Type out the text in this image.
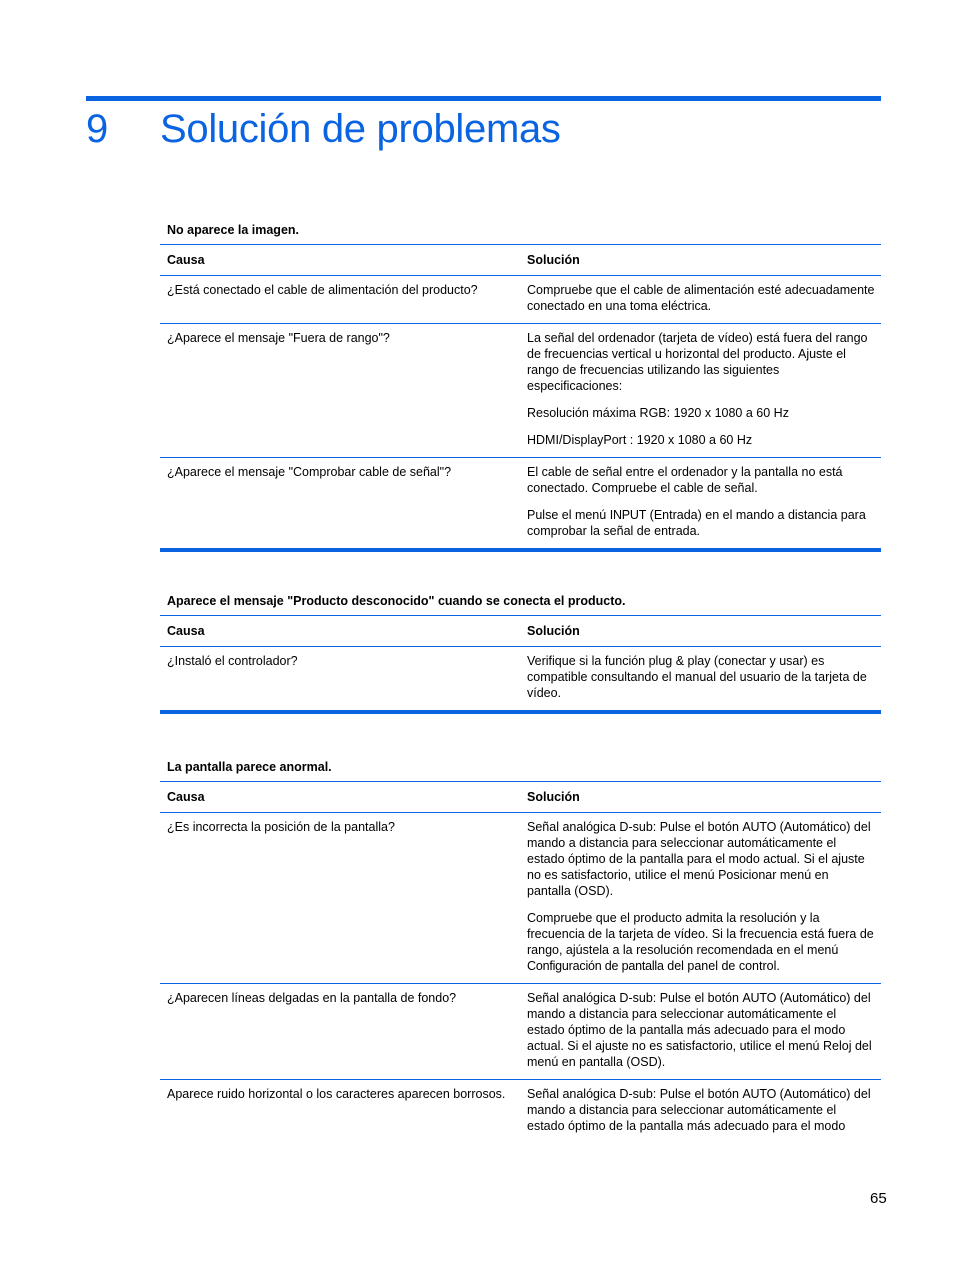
9 Solución de problemas
No aparece la imagen.
Causa	Solución
¿Está conectado el cable de alimentación del producto?	Compruebe que el cable de alimentación esté adecuadamente conectado en una toma eléctrica.

¿Aparece el mensaje "Fuera de rango"?	La señal del ordenador (tarjeta de vídeo) está fuera del rango de frecuencias vertical u horizontal del producto. Ajuste el rango de frecuencias utilizando las siguientes especificaciones:

Resolución máxima RGB: 1920 x 1080 a 60 Hz

HDMI/DisplayPort : 1920 x 1080 a 60 Hz

¿Aparece el mensaje "Comprobar cable de señal"?	El cable de señal entre el ordenador y la pantalla no está conectado. Compruebe el cable de señal.

Pulse el menú INPUT (Entrada) en el mando a distancia para comprobar la señal de entrada.

Aparece el mensaje "Producto desconocido" cuando se conecta el producto.
Causa	Solución
¿Instaló el controlador?	Verifique si la función plug & play (conectar y usar) es compatible consultando el manual del usuario de la tarjeta de vídeo.

La pantalla parece anormal.
Causa	Solución
¿Es incorrecta la posición de la pantalla?	Señal analógica D-sub: Pulse el botón AUTO (Automático) del mando a distancia para seleccionar automáticamente el estado óptimo de la pantalla para el modo actual. Si el ajuste no es satisfactorio, utilice el menú Posicionar menú en pantalla (OSD).

Compruebe que el producto admita la resolución y la frecuencia de la tarjeta de vídeo. Si la frecuencia está fuera de rango, ajústela a la resolución recomendada en el menú Configuración de pantalla del panel de control.

¿Aparecen líneas delgadas en la pantalla de fondo?	Señal analógica D-sub: Pulse el botón AUTO (Automático) del mando a distancia para seleccionar automáticamente el estado óptimo de la pantalla más adecuado para el modo actual. Si el ajuste no es satisfactorio, utilice el menú Reloj del menú en pantalla (OSD).

Aparece ruido horizontal o los caracteres aparecen borrosos.	Señal analógica D-sub: Pulse el botón AUTO (Automático) del mando a distancia para seleccionar automáticamente el estado óptimo de la pantalla más adecuado para el modo

65
